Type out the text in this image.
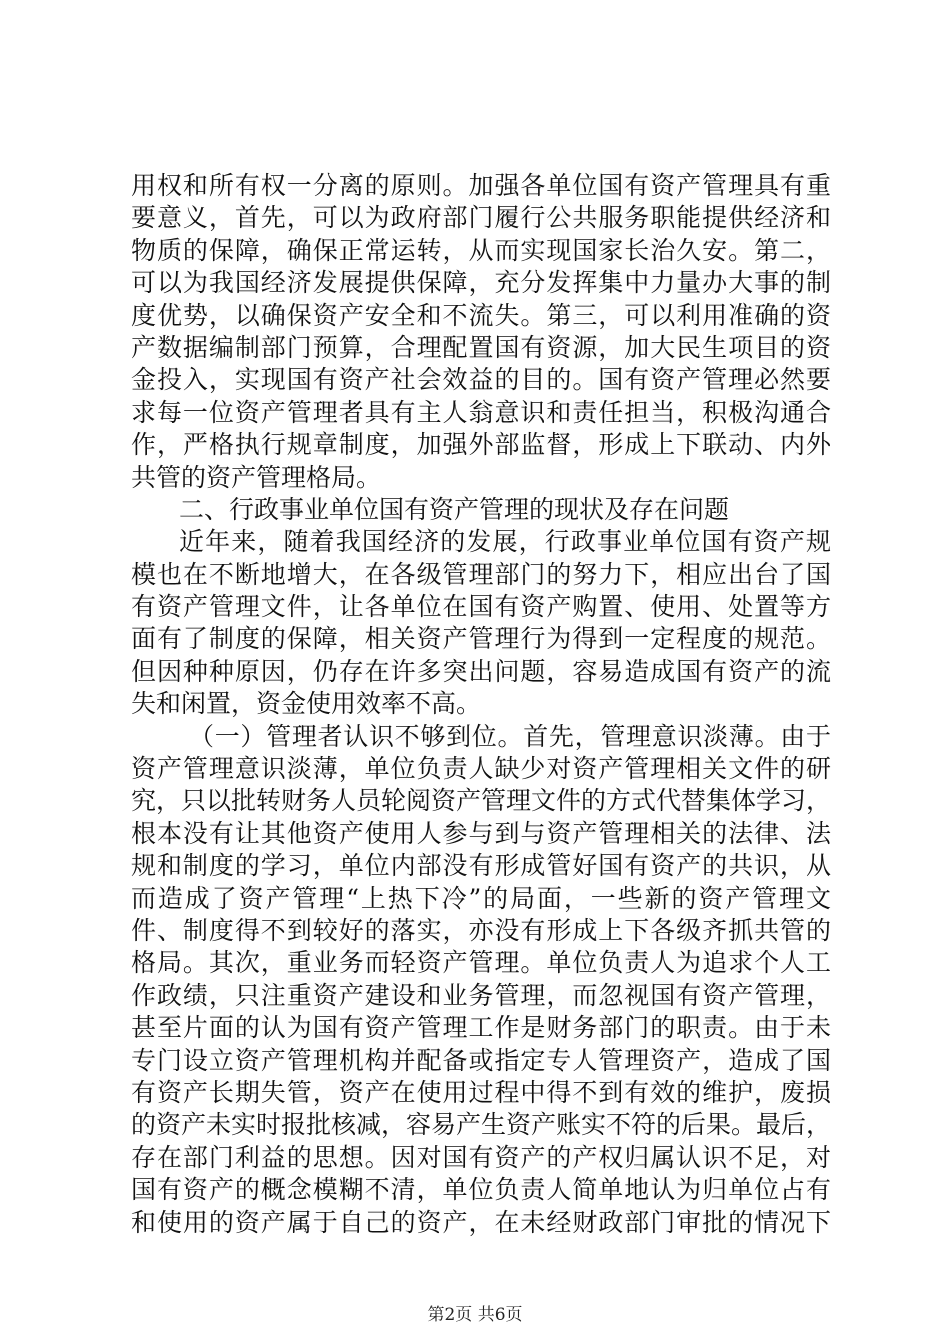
用权和所有权一分离的原则。加强各单位国有资产管理具有重
要意义，首先，可以为政府部门履行公共服务职能提供经济和
物质的保障，确保正常运转，从而实现国家长治久安。第二，
可以为我国经济发展提供保障，充分发挥集中力量办大事的制
度优势，以确保资产安全和不流失。第三，可以利用准确的资
产数据编制部门预算，合理配置国有资源，加大民生项目的资
金投入，实现国有资产社会效益的目的。国有资产管理必然要
求每一位资产管理者具有主人翁意识和责任担当，积极沟通合
作，严格执行规章制度，加强外部监督，形成上下联动、内外
共管的资产管理格局。
二、行政事业单位国有资产管理的现状及存在问题
近年来，随着我国经济的发展，行政事业单位国有资产规
模也在不断地增大，在各级管理部门的努力下，相应出台了国
有资产管理文件，让各单位在国有资产购置、使用、处置等方
面有了制度的保障，相关资产管理行为得到一定程度的规范。
但因种种原因，仍存在许多突出问题，容易造成国有资产的流
失和闲置，资金使用效率不高。
（一）管理者认识不够到位。首先，管理意识淡薄。由于
资产管理意识淡薄，单位负责人缺少对资产管理相关文件的研
究，只以批转财务人员轮阅资产管理文件的方式代替集体学习，
根本没有让其他资产使用人参与到与资产管理相关的法律、法
规和制度的学习，单位内部没有形成管好国有资产的共识，从
而造成了资产管理“上热下冷”的局面，一些新的资产管理文
件、制度得不到较好的落实，亦没有形成上下各级齐抓共管的
格局。其次，重业务而轻资产管理。单位负责人为追求个人工
作政绩，只注重资产建设和业务管理，而忽视国有资产管理，
甚至片面的认为国有资产管理工作是财务部门的职责。由于未
专门设立资产管理机构并配备或指定专人管理资产，造成了国
有资产长期失管，资产在使用过程中得不到有效的维护，废损
的资产未实时报批核减，容易产生资产账实不符的后果。最后，
存在部门利益的思想。因对国有资产的产权归属认识不足，对
国有资产的概念模糊不清，单位负责人简单地认为归单位占有
和使用的资产属于自己的资产，在未经财政部门审批的情况下
第2页 共6页
